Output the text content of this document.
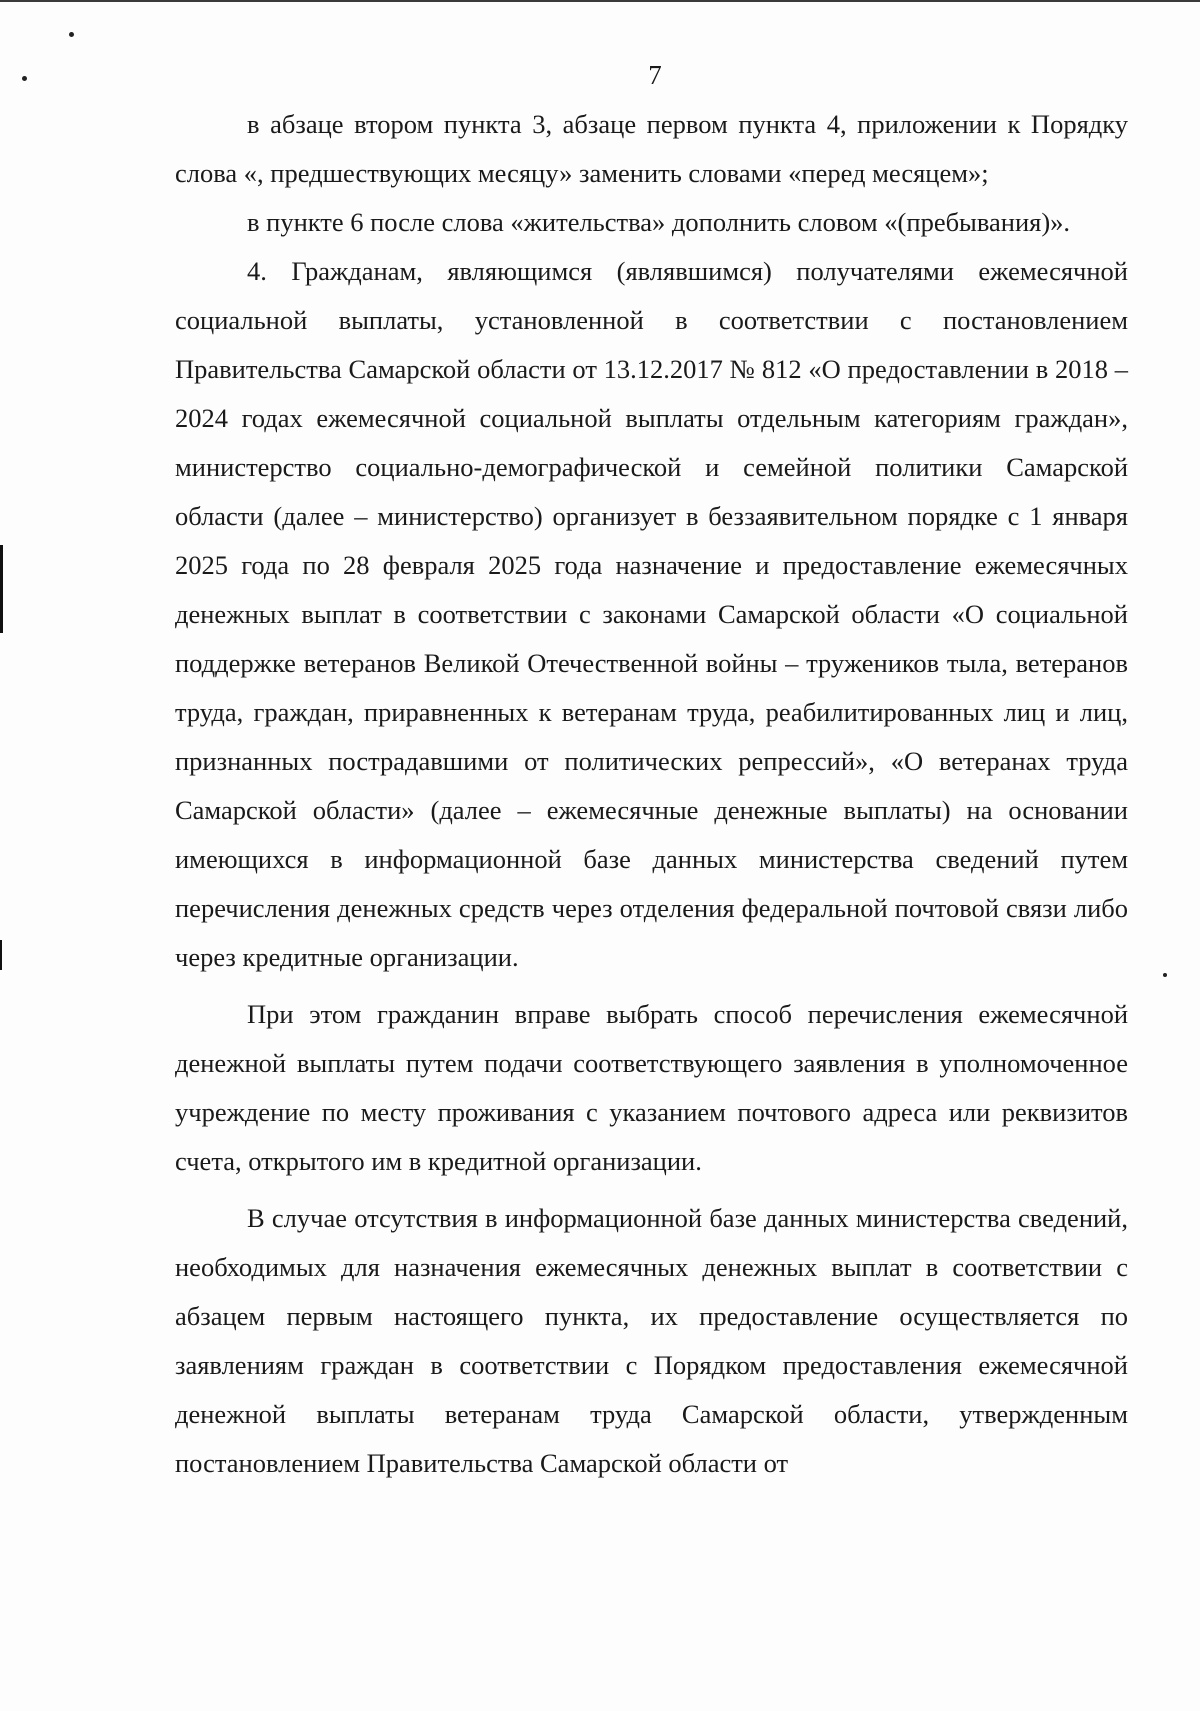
7

в абзаце втором пункта 3, абзаце первом пункта 4, приложении к Порядку слова «, предшествующих месяцу» заменить словами «перед месяцем»;

в пункте 6 после слова «жительства» дополнить словом «(пребывания)».

4. Гражданам, являющимся (являвшимся) получателями ежемесячной социальной выплаты, установленной в соответствии с постановлением Правительства Самарской области от 13.12.2017 № 812 «О предоставлении в 2018 – 2024 годах ежемесячной социальной выплаты отдельным категориям граждан», министерство социально-демографической и семейной политики Самарской области (далее – министерство) организует в беззаявительном порядке с 1 января 2025 года по 28 февраля 2025 года назначение и предоставление ежемесячных денежных выплат в соответствии с законами Самарской области «О социальной поддержке ветеранов Великой Отечественной войны – тружеников тыла, ветеранов труда, граждан, приравненных к ветеранам труда, реабилитированных лиц и лиц, признанных пострадавшими от политических репрессий», «О ветеранах труда Самарской области» (далее – ежемесячные денежные выплаты) на основании имеющихся в информационной базе данных министерства сведений путем перечисления денежных средств через отделения федеральной почтовой связи либо через кредитные организации.

При этом гражданин вправе выбрать способ перечисления ежемесячной денежной выплаты путем подачи соответствующего заявления в уполномоченное учреждение по месту проживания с указанием почтового адреса или реквизитов счета, открытого им в кредитной организации.

В случае отсутствия в информационной базе данных министерства сведений, необходимых для назначения ежемесячных денежных выплат в соответствии с абзацем первым настоящего пункта, их предоставление осуществляется по заявлениям граждан в соответствии с Порядком предоставления ежемесячной денежной выплаты ветеранам труда Самарской области, утвержденным постановлением Правительства Самарской области от
